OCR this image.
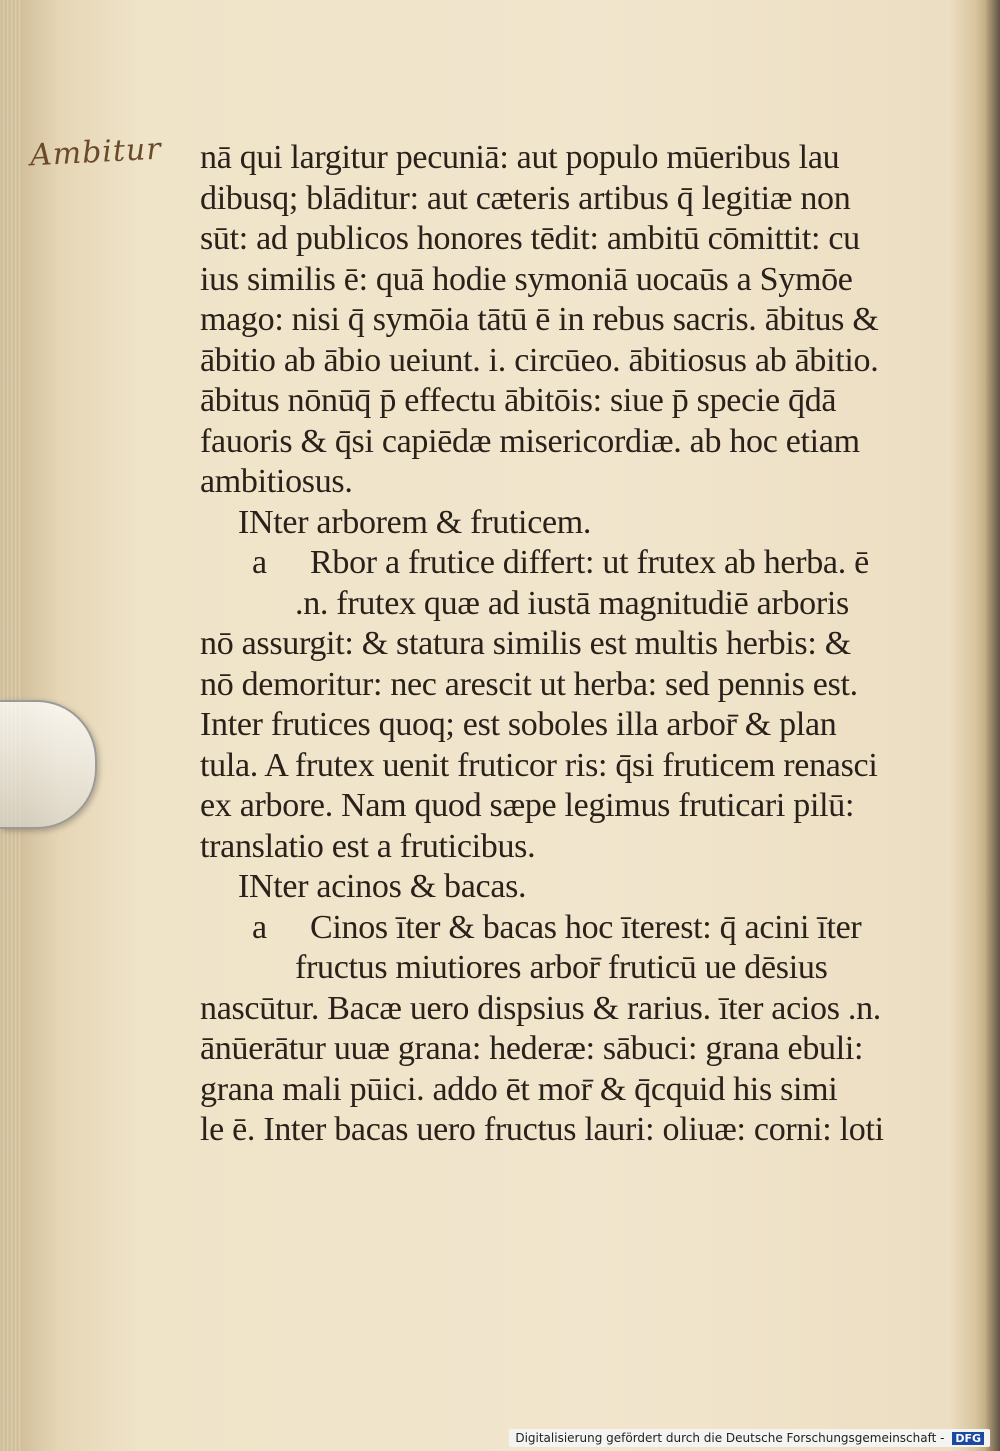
Ambitur nā qui largitur pecuniā: aut populo mūeribus lau
dibusq; blāditur: aut cæteris artibus q̄ legitiæ non
sūt: ad publicos honores tēdit: ambitū cōmittit: cu
ius similis ē: quā hodie symoniā uocaūs a Symōe
mago: nisi q̄ symōia tātū ē in rebus sacris. ābitus &
ābitio ab ābio ueiunt. i. circūeo. ābitiosus ab ābitio.
ābitus nōnūq̄ p̄ effectu ābitōis: siue p̄ specie q̄dā
fauoris & q̄si capiēdæ misericordiæ. ab hoc etiam
ambitiosus.
INter arborem & fruticem.
a Rbor a frutice differt: ut frutex ab herba. ē
.n. frutex quæ ad iustā magnitudiē arboris
nō assurgit: & statura similis est multis herbis: &
nō demoritur: nec arescit ut herba: sed pennis est.
Inter frutices quoq; est soboles illa arbor̄ & plan
tula. A frutex uenit fruticor ris: q̄si fruticem renasci
ex arbore. Nam quod sæpe legimus fruticari pilū:
translatio est a fruticibus.
INter acinos & bacas.
a Cinos īter & bacas hoc īterest: q̄ acini īter
fructus miutiores arbor̄ fruticū ue dēsius
nascūtur. Bacæ uero dispsius & rarius. īter acios .n.
ānūerātur uuæ grana: hederæ: sābuci: grana ebuli:
grana mali pūici. addo ēt mor̄ & q̄cquid his simi
le ē. Inter bacas uero fructus lauri: oliuæ: corni: loti
Digitalisierung gefördert durch die Deutsche Forschungsgemeinschaft - DFG
